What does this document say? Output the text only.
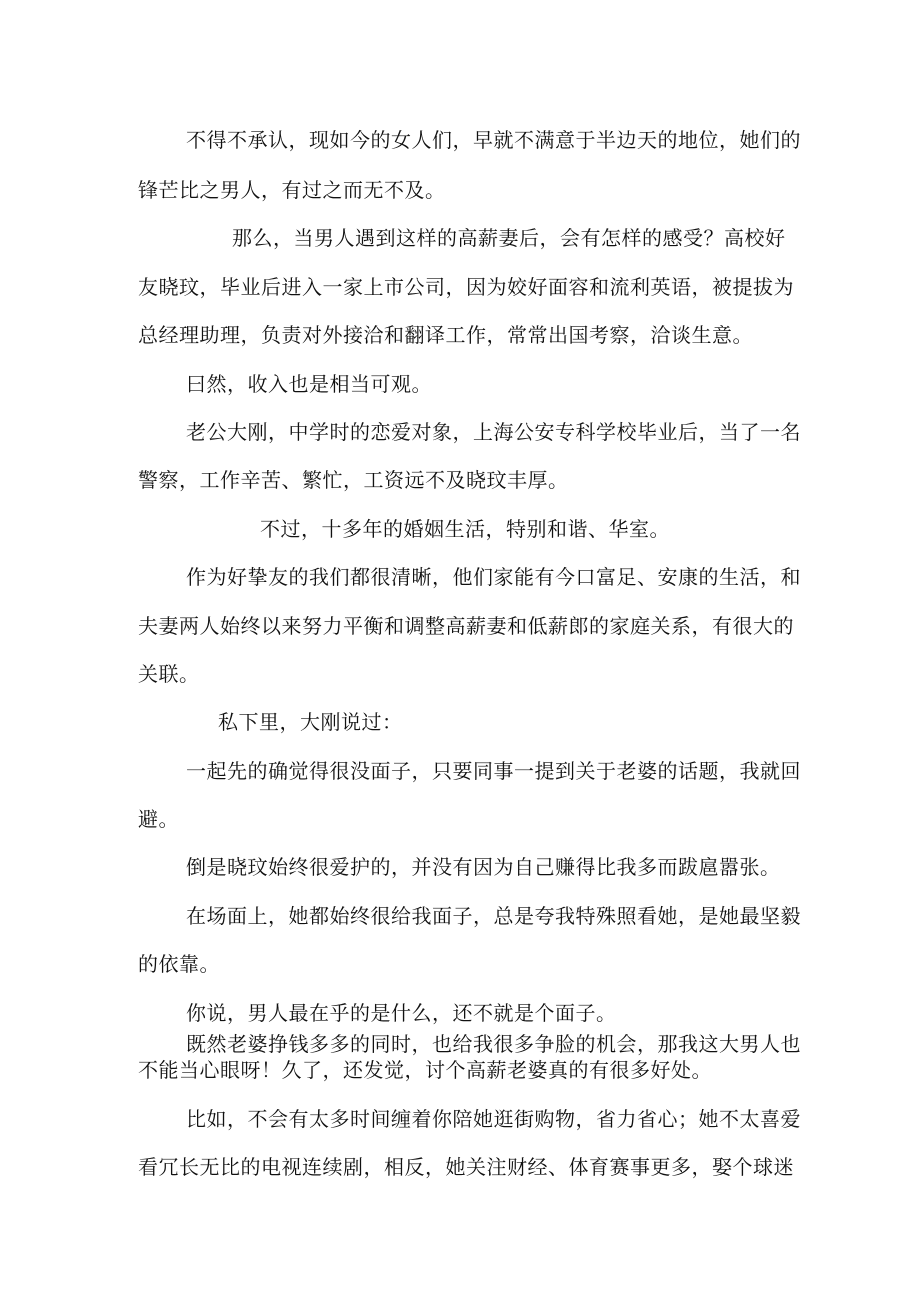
不得不承认，现如今的女人们，早就不满意于半边天的地位，她们的
锋芒比之男人，有过之而无不及。
那么，当男人遇到这样的高薪妻后，会有怎样的感受？高校好
友晓玟，毕业后进入一家上市公司，因为姣好面容和流利英语，被提拔为
总经理助理，负责对外接洽和翻译工作，常常出国考察，洽谈生意。
曰然，收入也是相当可观。
老公大刚，中学时的恋爱对象，上海公安专科学校毕业后，当了一名
警察，工作辛苦、繁忙，工资远不及晓玟丰厚。
不过，十多年的婚姻生活，特别和谐、华室。
作为好挚友的我们都很清晰，他们家能有今口富足、安康的生活，和
夫妻两人始终以来努力平衡和调整高薪妻和低薪郎的家庭关系，有很大的
关联。
私下里，大刚说过：
一起先的确觉得很没面子，只要同事一提到关于老婆的话题，我就回
避。
倒是晓玟始终很爱护的，并没有因为自己赚得比我多而跋扈嚣张。
在场面上，她都始终很给我面子，总是夸我特殊照看她，是她最坚毅
的依靠。
你说，男人最在乎的是什么，还不就是个面子。
既然老婆挣钱多多的同时，也给我很多争脸的机会，那我这大男人也
不能当心眼呀！久了，还发觉，讨个高薪老婆真的有很多好处。
比如，不会有太多时间缠着你陪她逛街购物，省力省心；她不太喜爱
看冗长无比的电视连续剧，相反，她关注财经、体育赛事更多，娶个球迷
